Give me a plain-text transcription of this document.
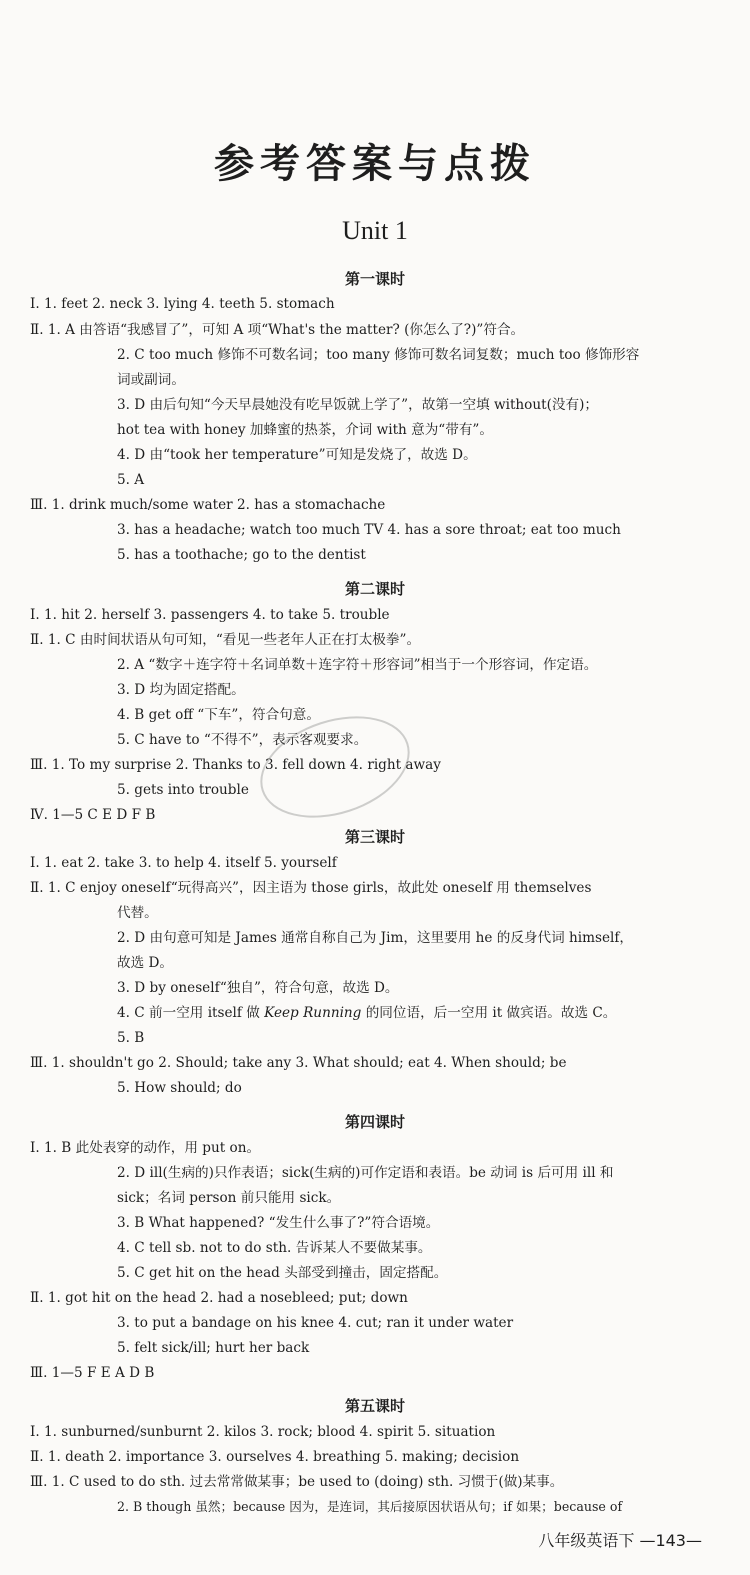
参考答案与点拨
Unit 1
第一课时
Ⅰ. 1. feet 2. neck 3. lying 4. teeth 5. stomach
Ⅱ. 1. A 由答语“我感冒了”，可知 A 项“What's the matter? (你怎么了?)”符合。
2. C too much 修饰不可数名词；too many 修饰可数名词复数；much too 修饰形容
词或副词。
3. D 由后句知“今天早晨她没有吃早饭就上学了”，故第一空填 without(没有)；
hot tea with honey 加蜂蜜的热茶，介词 with 意为“带有”。
4. D 由“took her temperature”可知是发烧了，故选 D。
5. A
Ⅲ. 1. drink much/some water 2. has a stomachache
3. has a headache; watch too much TV 4. has a sore throat; eat too much
5. has a toothache; go to the dentist
第二课时
Ⅰ. 1. hit 2. herself 3. passengers 4. to take 5. trouble
Ⅱ. 1. C 由时间状语从句可知，“看见一些老年人正在打太极拳”。
2. A “数字＋连字符＋名词单数＋连字符＋形容词”相当于一个形容词，作定语。
3. D 均为固定搭配。
4. B get off “下车”，符合句意。
5. C have to “不得不”，表示客观要求。
Ⅲ. 1. To my surprise 2. Thanks to 3. fell down 4. right away
5. gets into trouble
Ⅳ. 1—5 C E D F B
第三课时
Ⅰ. 1. eat 2. take 3. to help 4. itself 5. yourself
Ⅱ. 1. C enjoy oneself“玩得高兴”，因主语为 those girls，故此处 oneself 用 themselves
代替。
2. D 由句意可知是 James 通常自称自己为 Jim，这里要用 he 的反身代词 himself，
故选 D。
3. D by oneself“独自”，符合句意，故选 D。
4. C 前一空用 itself 做 Keep Running 的同位语，后一空用 it 做宾语。故选 C。
5. B
Ⅲ. 1. shouldn't go 2. Should; take any 3. What should; eat 4. When should; be
5. How should; do
第四课时
Ⅰ. 1. B 此处表穿的动作，用 put on。
2. D ill(生病的)只作表语；sick(生病的)可作定语和表语。be 动词 is 后可用 ill 和
sick；名词 person 前只能用 sick。
3. B What happened? “发生什么事了?”符合语境。
4. C tell sb. not to do sth. 告诉某人不要做某事。
5. C get hit on the head 头部受到撞击，固定搭配。
Ⅱ. 1. got hit on the head 2. had a nosebleed; put; down
3. to put a bandage on his knee 4. cut; ran it under water
5. felt sick/ill; hurt her back
Ⅲ. 1—5 F E A D B
第五课时
Ⅰ. 1. sunburned/sunburnt 2. kilos 3. rock; blood 4. spirit 5. situation
Ⅱ. 1. death 2. importance 3. ourselves 4. breathing 5. making; decision
Ⅲ. 1. C used to do sth. 过去常常做某事；be used to (doing) sth. 习惯于(做)某事。
2. B though 虽然；because 因为，是连词，其后接原因状语从句；if 如果；because of
八年级英语下 —143—
